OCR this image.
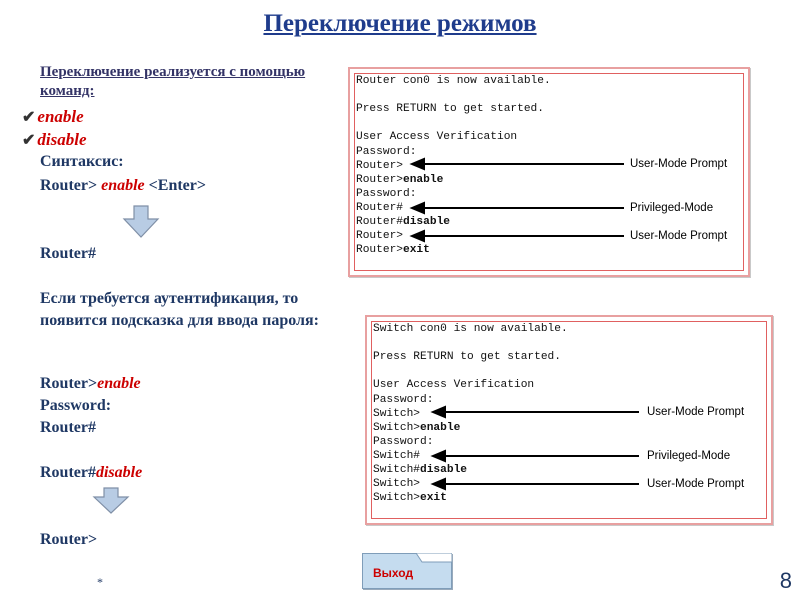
Переключение режимов
Переключение реализуется с помощью команд:
✔ enable
✔ disable
Синтаксис:
Router> enable <Enter>
Router#
Если требуется аутентификация, то появится подсказка для ввода пароля:
Router>enable
Password:
Router#
Router#disable
Router>
Router con0 is now available.
Press RETURN to get started.
User Access Verification
Password:
Router>
Router>enable
Password:
Router#
Router#disable
Router>
Router>exit
User-Mode Prompt
Privileged-Mode
User-Mode Prompt
Switch con0 is now available.
Press RETURN to get started.
User Access Verification
Password:
Switch>
Switch>enable
Password:
Switch#
Switch#disable
Switch>
Switch>exit
User-Mode Prompt
Privileged-Mode
User-Mode Prompt
Выход
*	8
